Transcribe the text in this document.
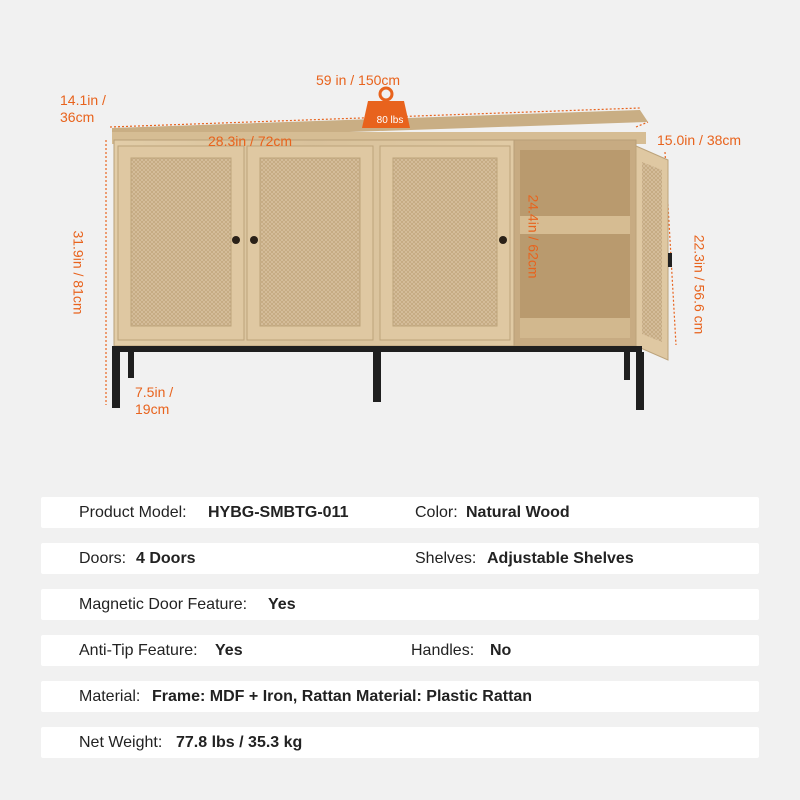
59 in / 150cm
14.1in /
36cm
15.0in / 38cm
28.3in / 72cm
80 lbs
31.9in / 81cm	24.4in / 62cm	22.3in / 56.6 cm
7.5in /
19cm
Product Model: HYBG-SMBTG-011	Color: Natural Wood
Doors: 4 Doors	Shelves: Adjustable Shelves
Magnetic Door Feature: Yes
Anti-Tip Feature: Yes	Handles: No
Material: Frame: MDF + Iron, Rattan Material: Plastic Rattan
Net Weight: 77.8 lbs / 35.3 kg
